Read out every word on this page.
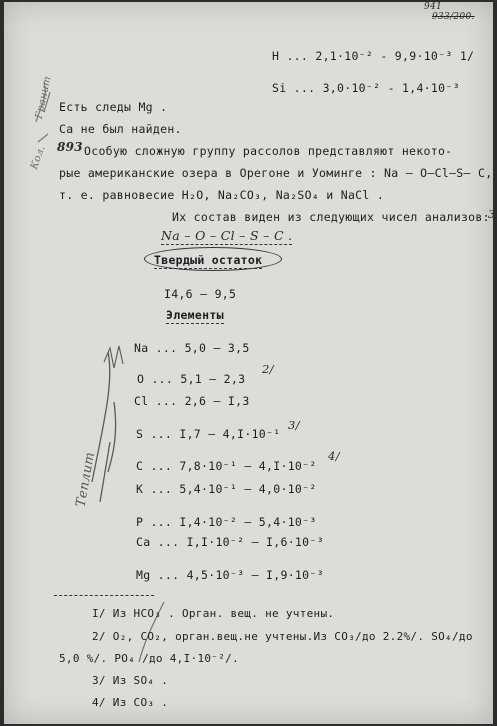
Гранит
Кол.
Теплит
941
933/200.
H ... 2,1·10⁻² - 9,9·10⁻³ 1/
Si ... 3,0·10⁻² - 1,4·10⁻³
Есть следы Mg .
Ca не был найден.
893 Особую сложную группу рассолов представляют некото-
рые американские озера в Орегоне и Уоминге : Na – O–Cl–S– C,
т. е. равновесие H₂O, Na₂CO₃, Na₂SO₄ и NaCl .
Их состав виден из следующих чисел анализов:
3
Na – O – Cl – S – C .
Твердый остаток
I4,6 – 9,5
Элементы
Na ... 5,0 – 3,5
O ... 5,1 – 2,3
2/
Cl ... 2,6 – I,3
S ... I,7 – 4,I·10⁻¹
3/
C ... 7,8·10⁻¹ – 4,I·10⁻²
4/
K ... 5,4·10⁻¹ – 4,0·10⁻²
P ... I,4·10⁻² – 5,4·10⁻³
Ca ... I,I·10⁻² – I,6·10⁻³
Mg ... 4,5·10⁻³ – I,9·10⁻³
I/ Из HCO₃ . Орган. вещ. не учтены.
2/ O₂, CO₂, орган.вещ.не учтены.Из CO₃/до 2.2%/. SO₄/до
5,0 %/. PO₄ /до 4,I·10⁻²/.
3/ Из SO₄ .
4/ Из CO₃ .
